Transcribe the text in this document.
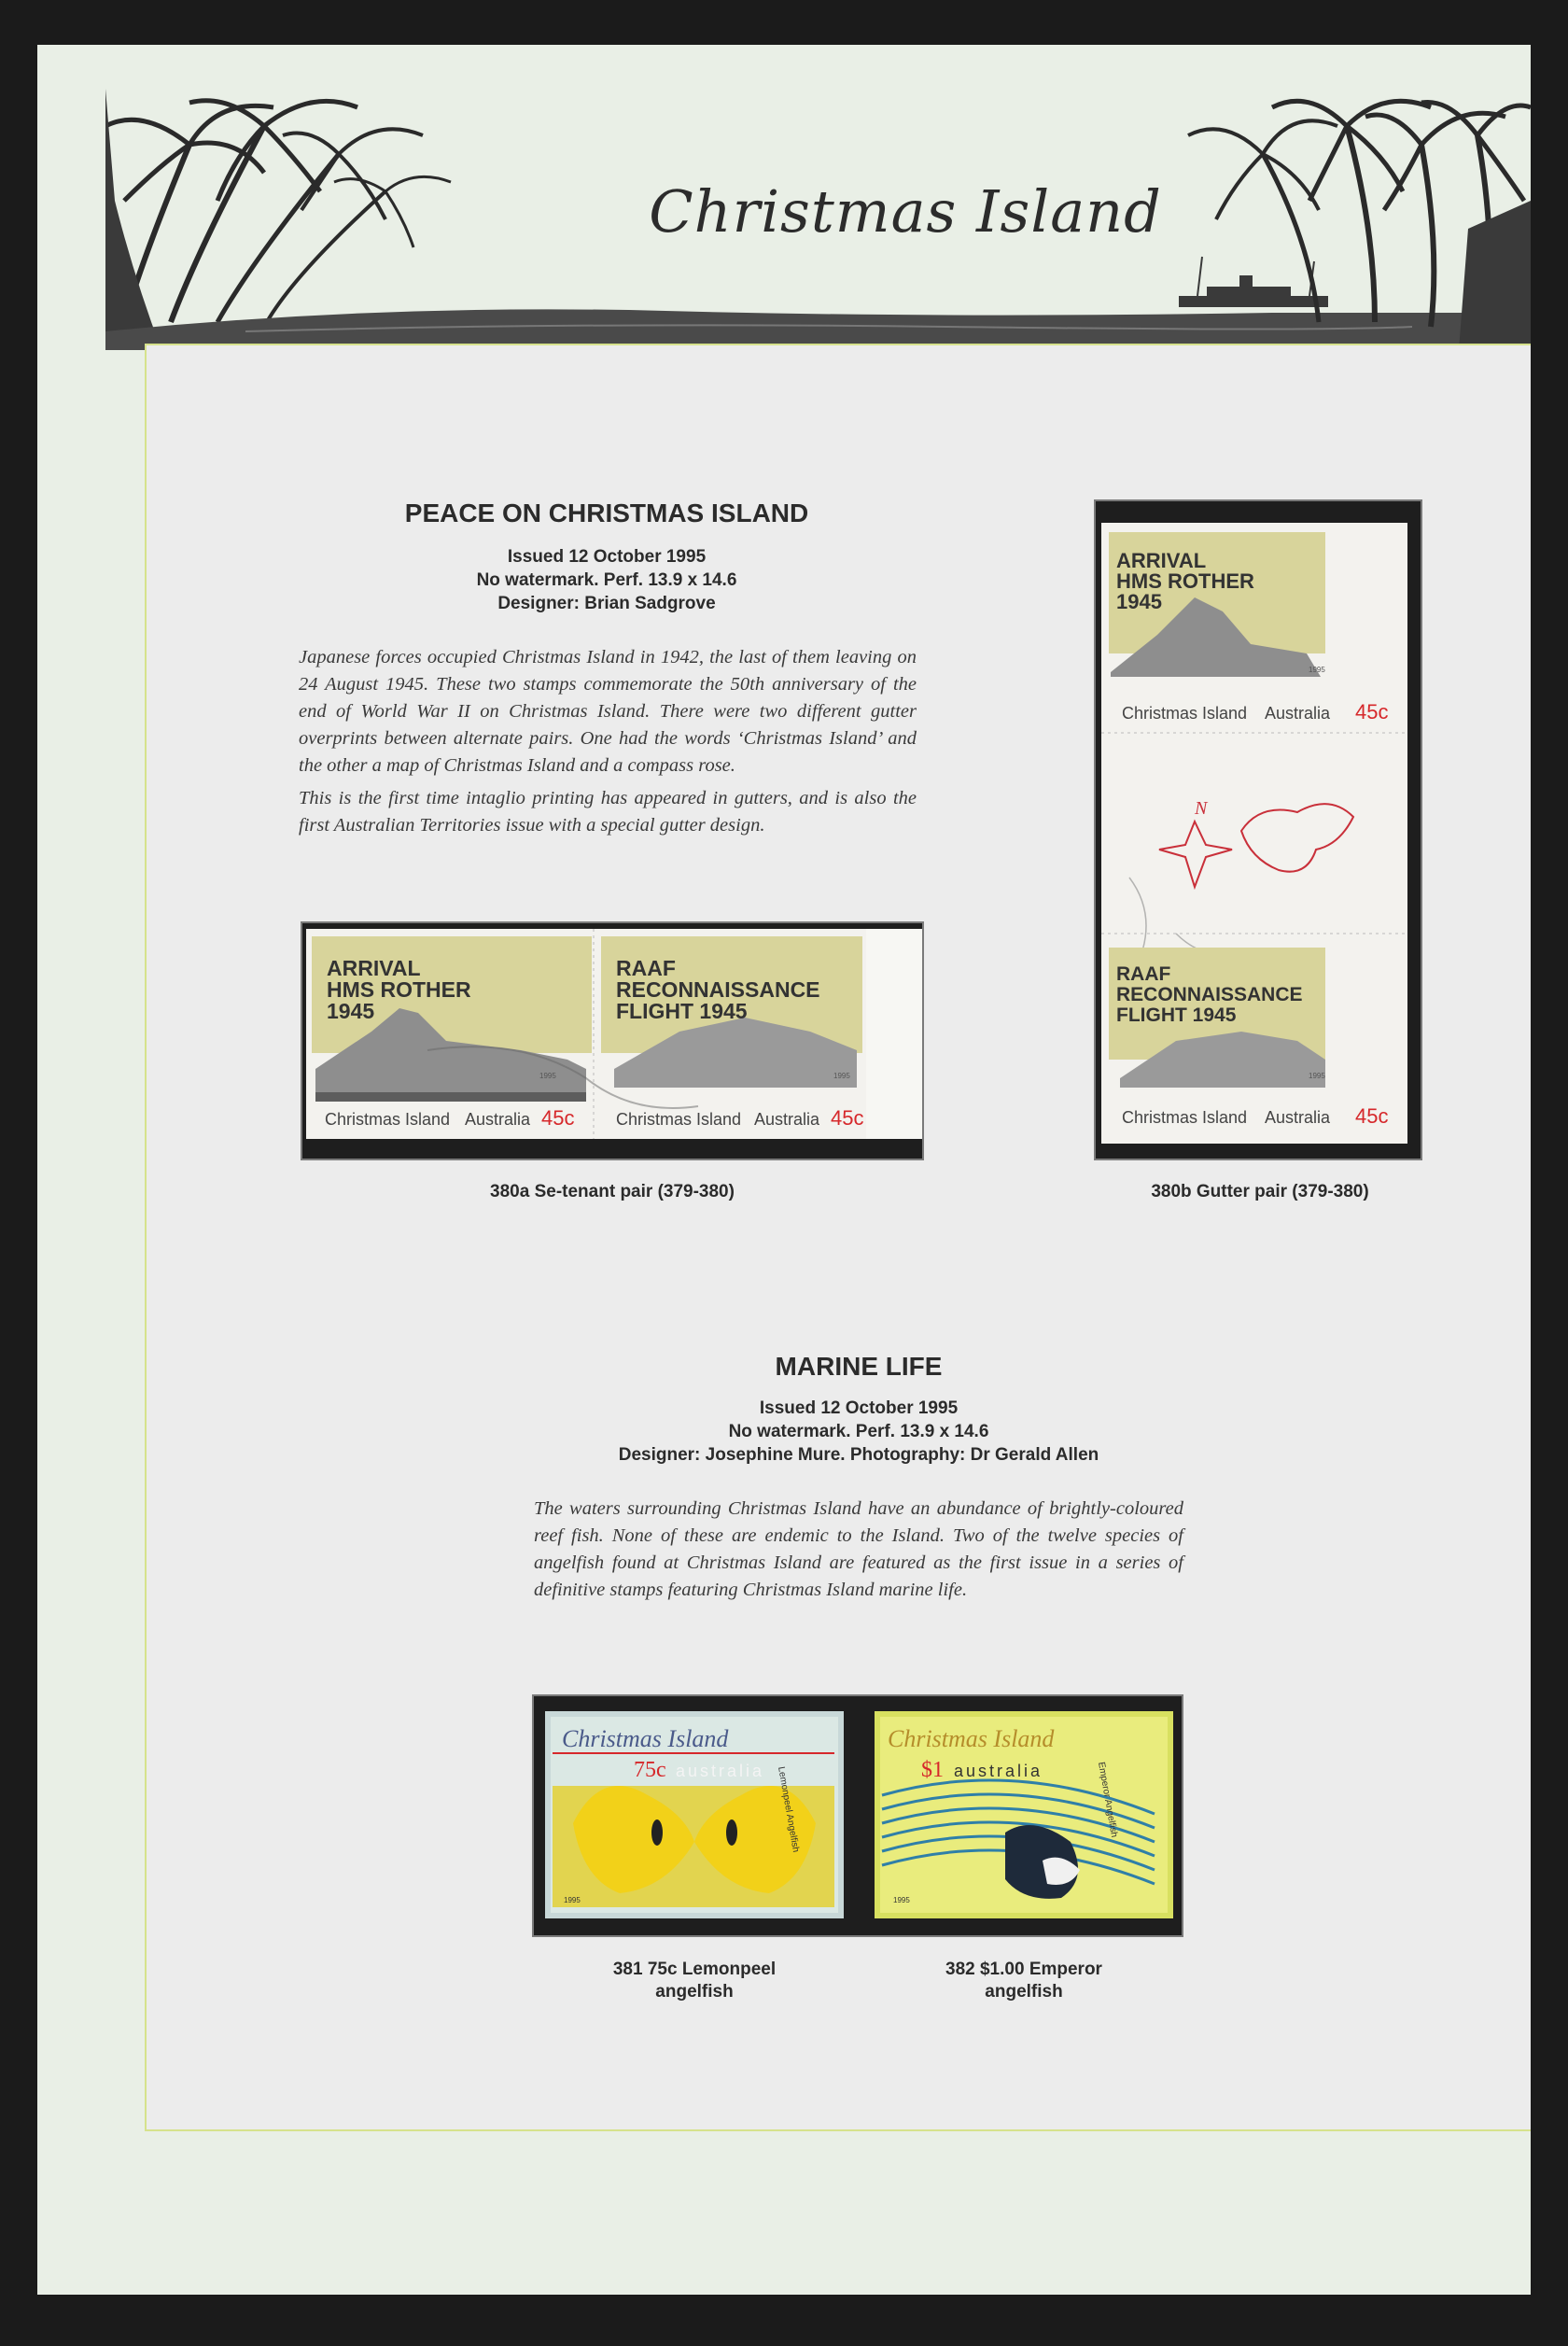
Christmas Island
PEACE ON CHRISTMAS ISLAND
Issued 12 October 1995
No watermark. Perf. 13.9 x 14.6
Designer: Brian Sadgrove

Japanese forces occupied Christmas Island in 1942, the last of them leaving on 24 August 1945. These two stamps commemorate the 50th anniversary of the end of World War II on Christmas Island. There were two different gutter overprints between alternate pairs. One had the words ‘Christmas Island’ and the other a map of Christmas Island and a compass rose.

This is the first time intaglio printing has appeared in gutters, and is also the first Australian Territories issue with a special gutter design.

ARRIVAL
HMS ROTHER
1945
Christmas Island Australia 45c
1995
RAAF
RECONNAISSANCE
FLIGHT 1945
Christmas Island Australia 45c
1995
380a Se-tenant pair (379-380)
ARRIVAL
HMS ROTHER
1945
Christmas Island Australia 45c
1995
N
RAAF
RECONNAISSANCE
FLIGHT 1945
Christmas Island Australia 45c
1995
380b Gutter pair (379-380)
MARINE LIFE
Issued 12 October 1995
No watermark. Perf. 13.9 x 14.6
Designer: Josephine Mure. Photography: Dr Gerald Allen

The waters surrounding Christmas Island have an abundance of brightly-coloured reef fish. None of these are endemic to the Island. Two of the twelve species of angelfish found at Christmas Island are featured as the first issue in a series of definitive stamps featuring Christmas Island marine life.

Christmas Island
75c australia Lemonpeel Angelfish
1995
Christmas Island
$1 australia	Emperor Angelfish
1995
381 75c Lemonpeel
angelfish
382 $1.00 Emperor
angelfish
